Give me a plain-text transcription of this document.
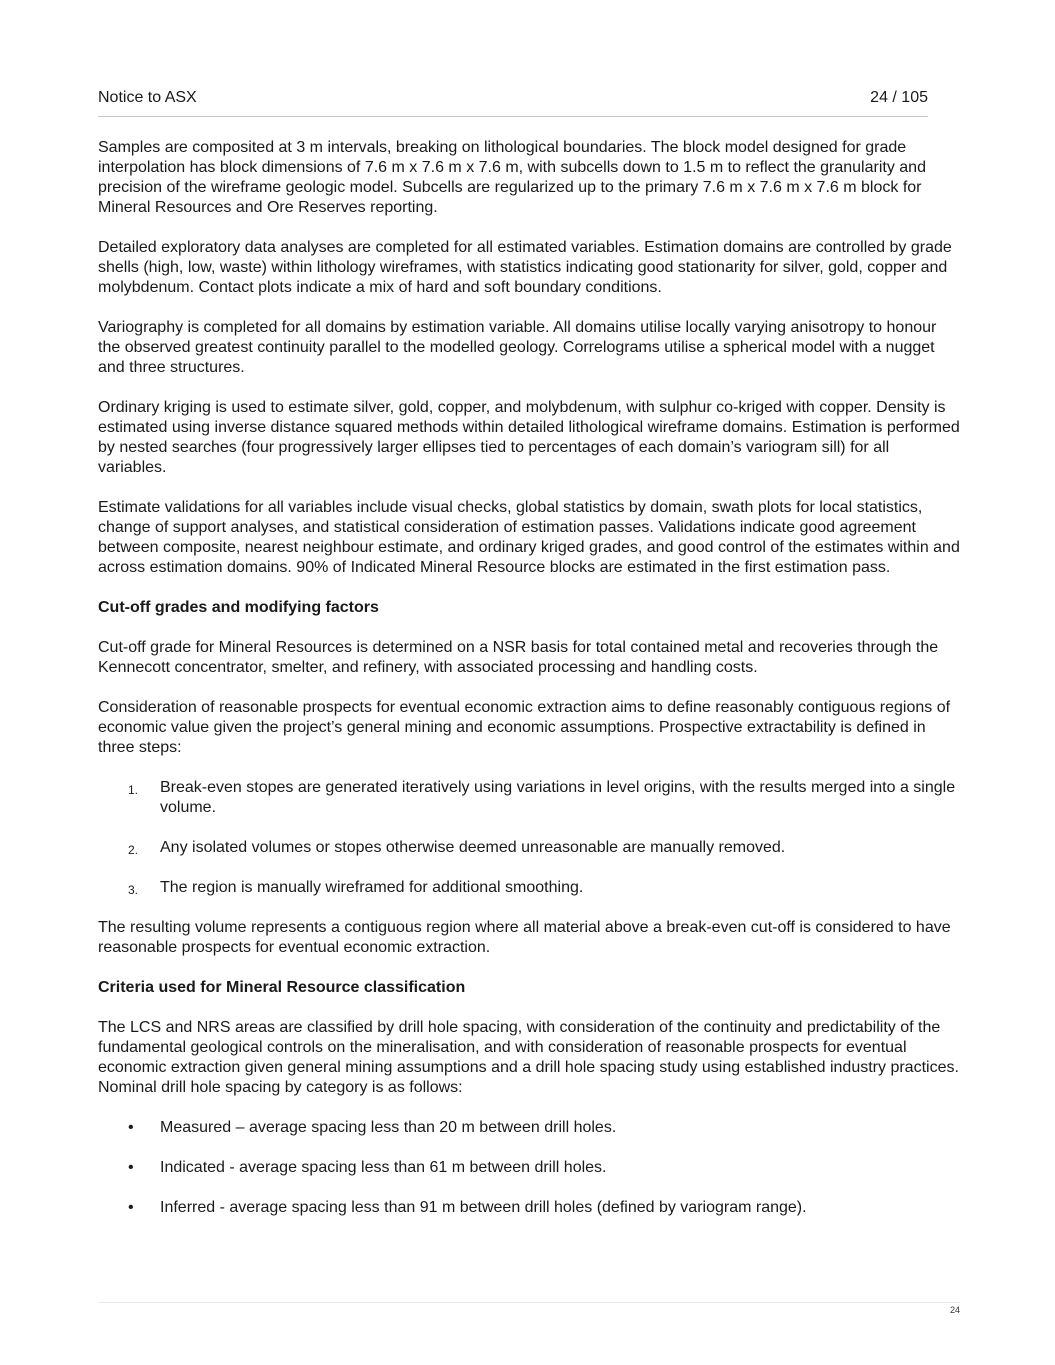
Notice to ASX	24 / 105

Samples are composited at 3 m intervals, breaking on lithological boundaries. The block model designed for grade interpolation has block dimensions of 7.6 m x 7.6 m x 7.6 m, with subcells down to 1.5 m to reflect the granularity and precision of the wireframe geologic model. Subcells are regularized up to the primary 7.6 m x 7.6 m x 7.6 m block for Mineral Resources and Ore Reserves reporting.

Detailed exploratory data analyses are completed for all estimated variables. Estimation domains are controlled by grade shells (high, low, waste) within lithology wireframes, with statistics indicating good stationarity for silver, gold, copper and molybdenum. Contact plots indicate a mix of hard and soft boundary conditions.

Variography is completed for all domains by estimation variable. All domains utilise locally varying anisotropy to honour the observed greatest continuity parallel to the modelled geology. Correlograms utilise a spherical model with a nugget and three structures.

Ordinary kriging is used to estimate silver, gold, copper, and molybdenum, with sulphur co-kriged with copper. Density is estimated using inverse distance squared methods within detailed lithological wireframe domains. Estimation is performed by nested searches (four progressively larger ellipses tied to percentages of each domain’s variogram sill) for all variables.

Estimate validations for all variables include visual checks, global statistics by domain, swath plots for local statistics, change of support analyses, and statistical consideration of estimation passes. Validations indicate good agreement between composite, nearest neighbour estimate, and ordinary kriged grades, and good control of the estimates within and across estimation domains. 90% of Indicated Mineral Resource blocks are estimated in the first estimation pass.

Cut-off grades and modifying factors

Cut-off grade for Mineral Resources is determined on a NSR basis for total contained metal and recoveries through the Kennecott concentrator, smelter, and refinery, with associated processing and handling costs.

Consideration of reasonable prospects for eventual economic extraction aims to define reasonably contiguous regions of economic value given the project’s general mining and economic assumptions. Prospective extractability is defined in three steps:

1. Break-even stopes are generated iteratively using variations in level origins, with the results merged into a single volume.
2. Any isolated volumes or stopes otherwise deemed unreasonable are manually removed.
3. The region is manually wireframed for additional smoothing.

The resulting volume represents a contiguous region where all material above a break-even cut-off is considered to have reasonable prospects for eventual economic extraction.

Criteria used for Mineral Resource classification

The LCS and NRS areas are classified by drill hole spacing, with consideration of the continuity and predictability of the fundamental geological controls on the mineralisation, and with consideration of reasonable prospects for eventual economic extraction given general mining assumptions and a drill hole spacing study using established industry practices. Nominal drill hole spacing by category is as follows:

• Measured – average spacing less than 20 m between drill holes.
• Indicated - average spacing less than 61 m between drill holes.
• Inferred - average spacing less than 91 m between drill holes (defined by variogram range).
24
